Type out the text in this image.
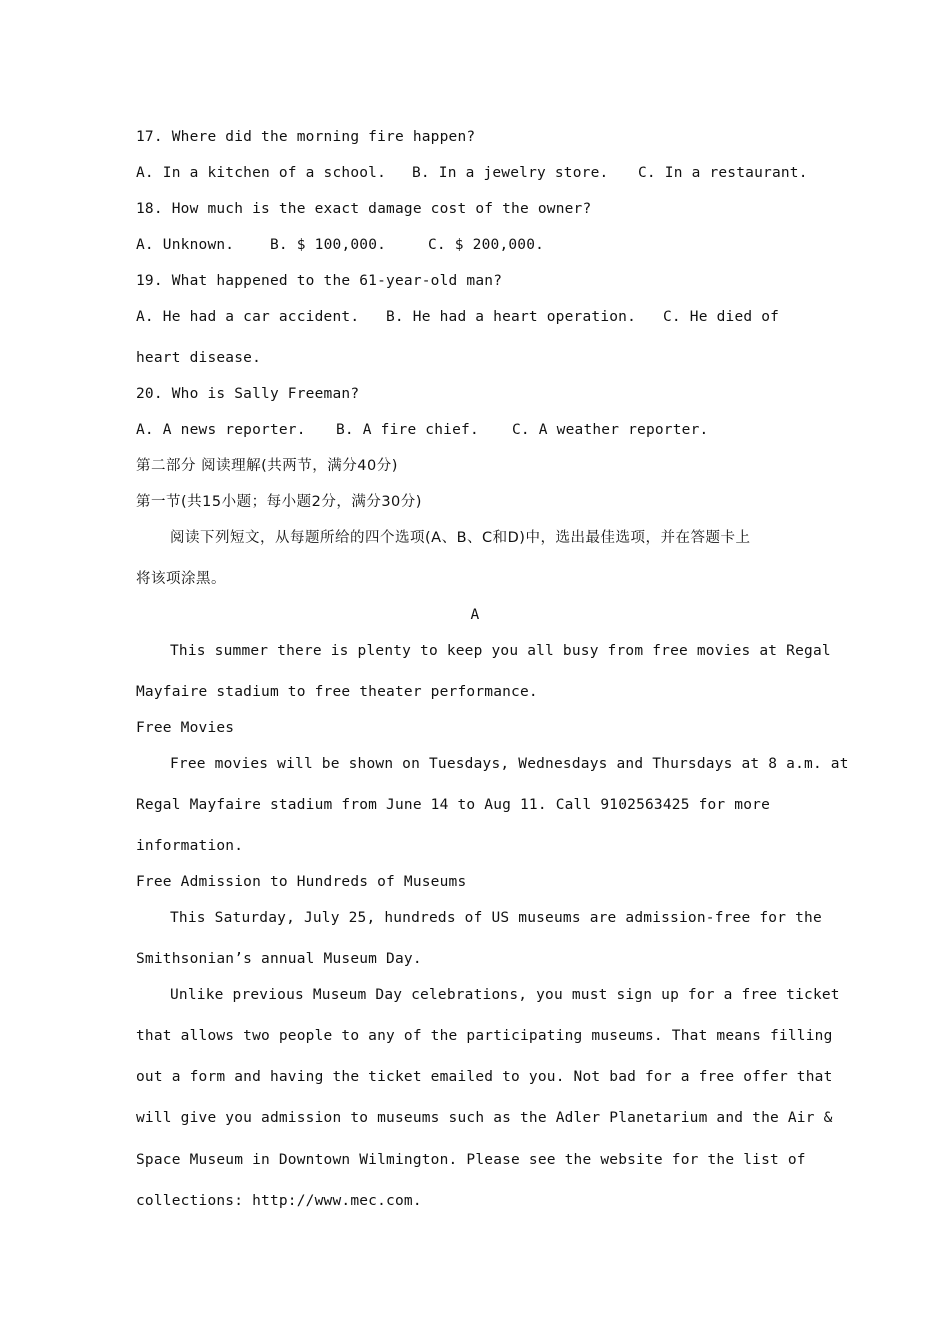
17. Where did the morning fire happen?
A. In a kitchen of a school. B. In a jewelry store. C. In a restaurant.
18. How much is the exact damage cost of the owner?
A. Unknown. B. $ 100,000.	C. $ 200,000.
19. What happened to the 61-year-old man?
A. He had a car accident. B. He had a heart operation. C. He died of
heart disease.
20. Who is Sally Freeman?
A. A news reporter. B. A fire chief. C. A weather reporter.
第二部分 阅读理解(共两节，满分40分)
第一节(共15小题；每小题2分，满分30分)
阅读下列短文，从每题所给的四个选项(A、B、C和D)中，选出最佳选项，并在答题卡上
将该项涂黑。
A
This summer there is plenty to keep you all busy from free movies at Regal
Mayfaire stadium to free theater performance.
Free Movies
Free movies will be shown on Tuesdays, Wednesdays and Thursdays at 8 a.m. at
Regal Mayfaire stadium from June 14 to Aug 11. Call 9102563425 for more
information.
Free Admission to Hundreds of Museums
This Saturday, July 25, hundreds of US museums are admission-free for the
Smithsonian’s annual Museum Day.
Unlike previous Museum Day celebrations, you must sign up for a free ticket
that allows two people to any of the participating museums. That means filling
out a form and having the ticket emailed to you. Not bad for a free offer that
will give you admission to museums such as the Adler Planetarium and the Air &
Space Museum in Downtown Wilmington. Please see the website for the list of
collections: http://www.mec.com.
